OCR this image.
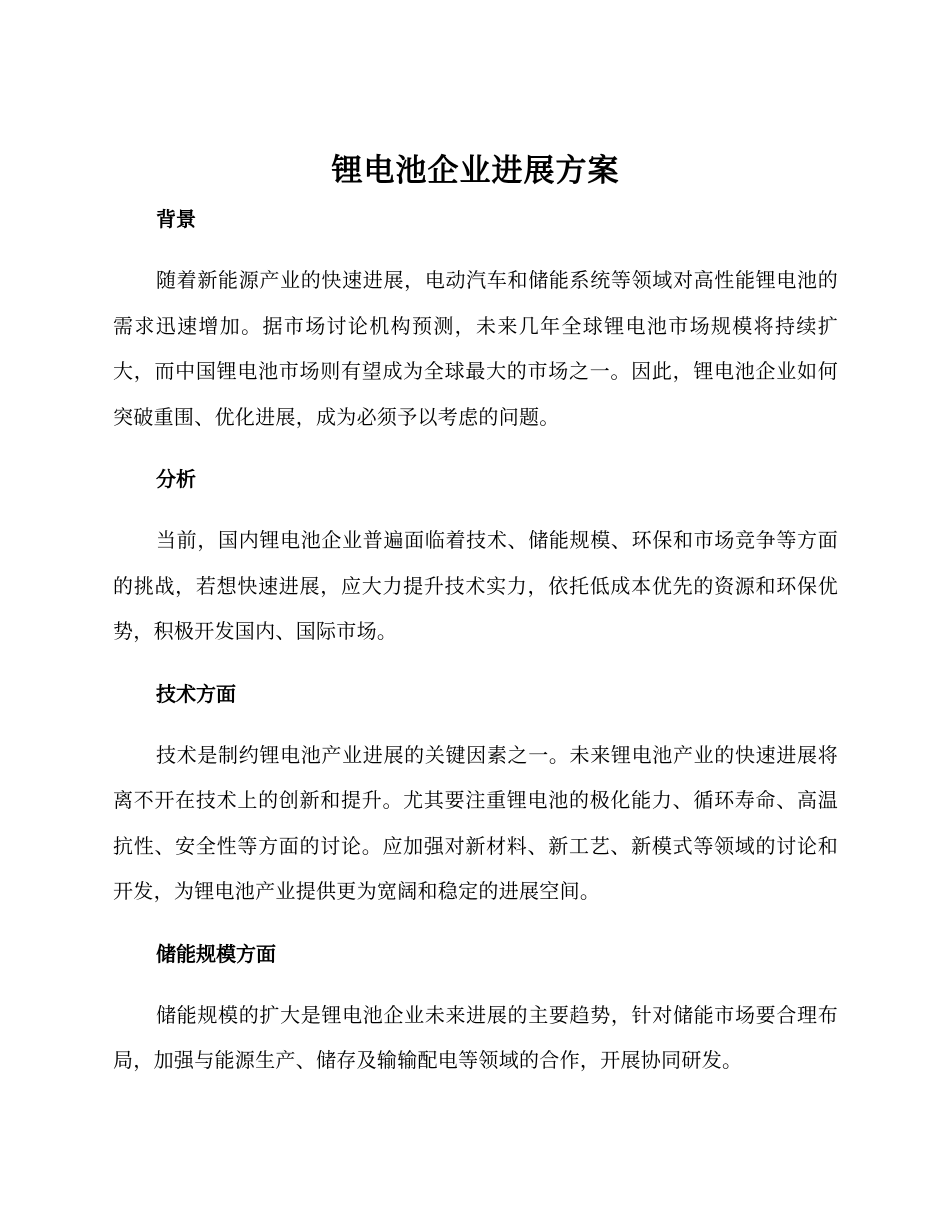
锂电池企业进展方案
背景

随着新能源产业的快速进展，电动汽车和储能系统等领域对高性能锂电池的需求迅速增加。据市场讨论机构预测，未来几年全球锂电池市场规模将持续扩大，而中国锂电池市场则有望成为全球最大的市场之一。因此，锂电池企业如何突破重围、优化进展，成为必须予以考虑的问题。

分析

当前，国内锂电池企业普遍面临着技术、储能规模、环保和市场竞争等方面的挑战，若想快速进展，应大力提升技术实力，依托低成本优先的资源和环保优势，积极开发国内、国际市场。

技术方面

技术是制约锂电池产业进展的关键因素之一。未来锂电池产业的快速进展将离不开在技术上的创新和提升。尤其要注重锂电池的极化能力、循环寿命、高温抗性、安全性等方面的讨论。应加强对新材料、新工艺、新模式等领域的讨论和开发，为锂电池产业提供更为宽阔和稳定的进展空间。

储能规模方面

储能规模的扩大是锂电池企业未来进展的主要趋势，针对储能市场要合理布局，加强与能源生产、储存及输输配电等领域的合作，开展协同研发。
